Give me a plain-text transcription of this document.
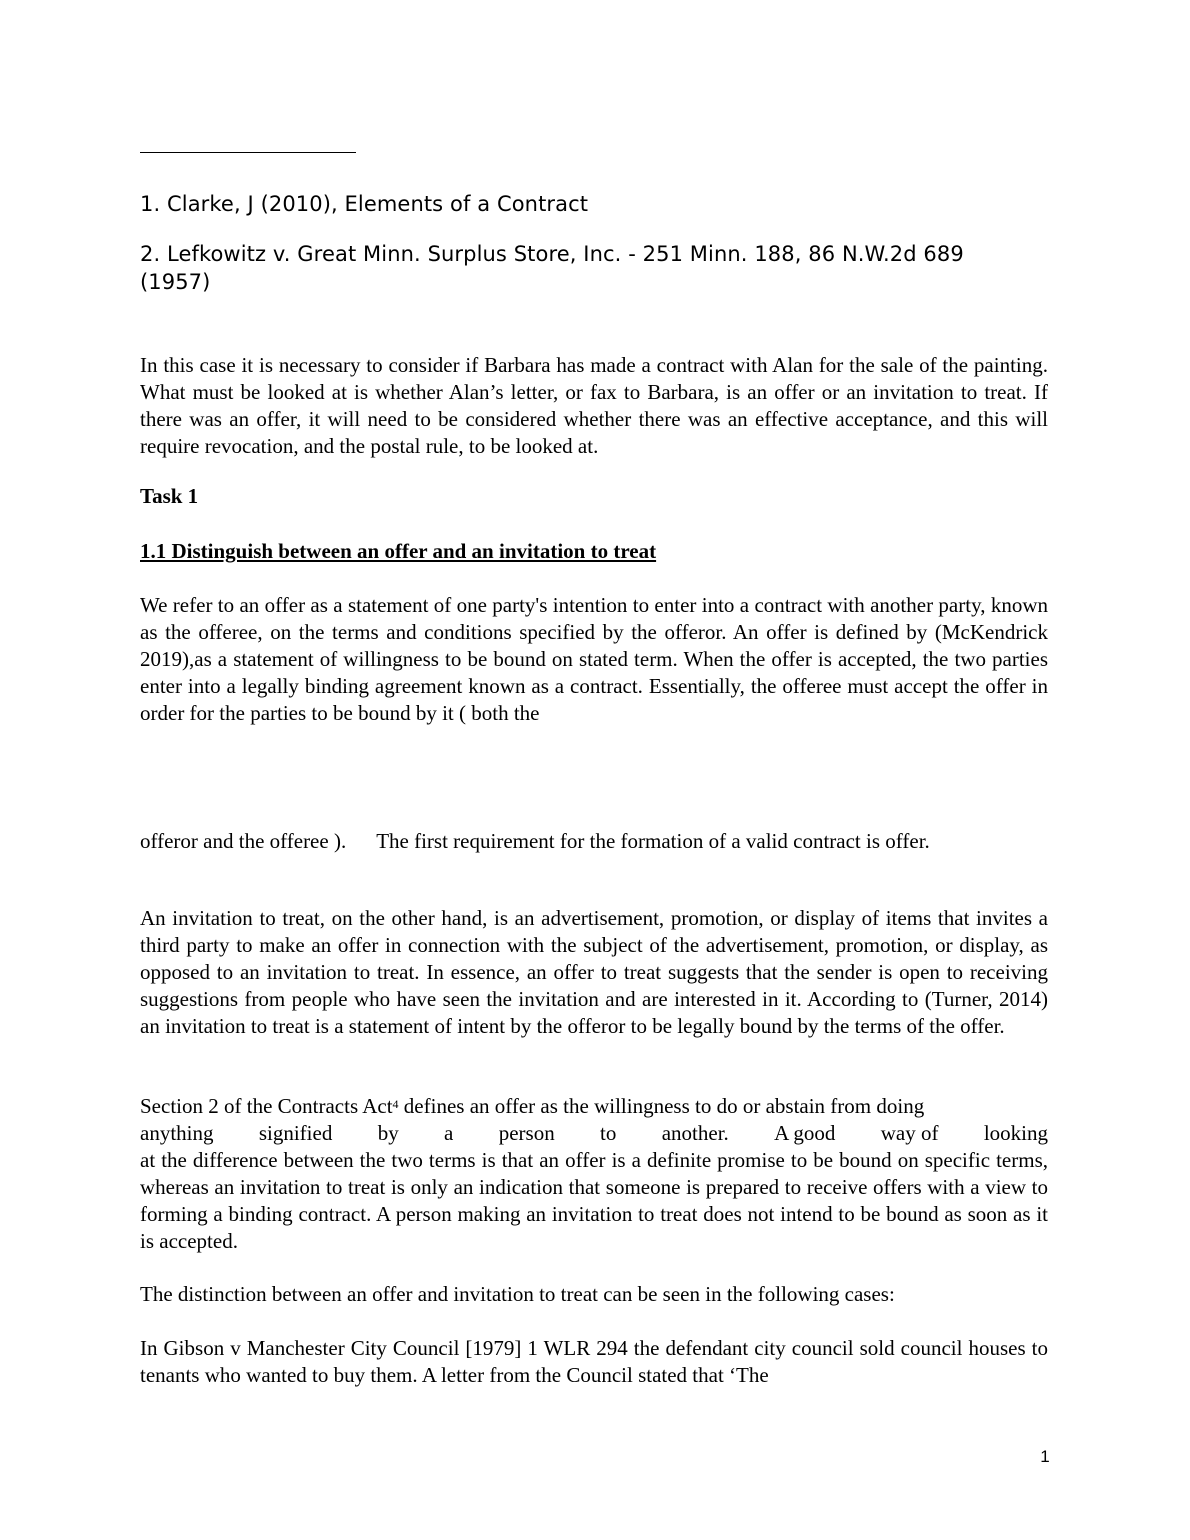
1. Clarke, J (2010), Elements of a Contract
2. Lefkowitz v. Great Minn. Surplus Store, Inc. - 251 Minn. 188, 86 N.W.2d 689 (1957)
In this case it is necessary to consider if Barbara has made a contract with Alan for the sale of the painting. What must be looked at is whether Alan’s letter, or fax to Barbara, is an offer or an invitation to treat. If there was an offer, it will need to be considered whether there was an effective acceptance, and this will require revocation, and the postal rule, to be looked at.
Task 1
1.1 Distinguish between an offer and an invitation to treat
We refer to an offer as a statement of one party's intention to enter into a contract with another party, known as the offeree, on the terms and conditions specified by the offeror. An offer is defined by (McKendrick 2019),as a statement of willingness to be bound on stated term. When the offer is accepted, the two parties enter into a legally binding agreement known as a contract. Essentially, the offeree must accept the offer in order for the parties to be bound by it ( both the
offeror and the offeree ). The first requirement for the formation of a valid contract is offer.
An invitation to treat, on the other hand, is an advertisement, promotion, or display of items that invites a third party to make an offer in connection with the subject of the advertisement, promotion, or display, as opposed to an invitation to treat. In essence, an offer to treat suggests that the sender is open to receiving suggestions from people who have seen the invitation and are interested in it. According to (Turner, 2014) an invitation to treat is a statement of intent by the offeror to be legally bound by the terms of the offer.
Section 2 of the Contracts Act$^4$ defines an offer as the willingness to do or abstain from doing
anything signified by a person to another. A good way of looking
at the difference between the two terms is that an offer is a definite promise to be bound on specific terms, whereas an invitation to treat is only an indication that someone is prepared to receive offers with a view to forming a binding contract. A person making an invitation to treat does not intend to be bound as soon as it is accepted.
The distinction between an offer and invitation to treat can be seen in the following cases:
In Gibson v Manchester City Council [1979] 1 WLR 294 the defendant city council sold council houses to tenants who wanted to buy them. A letter from the Council stated that ‘The
1
